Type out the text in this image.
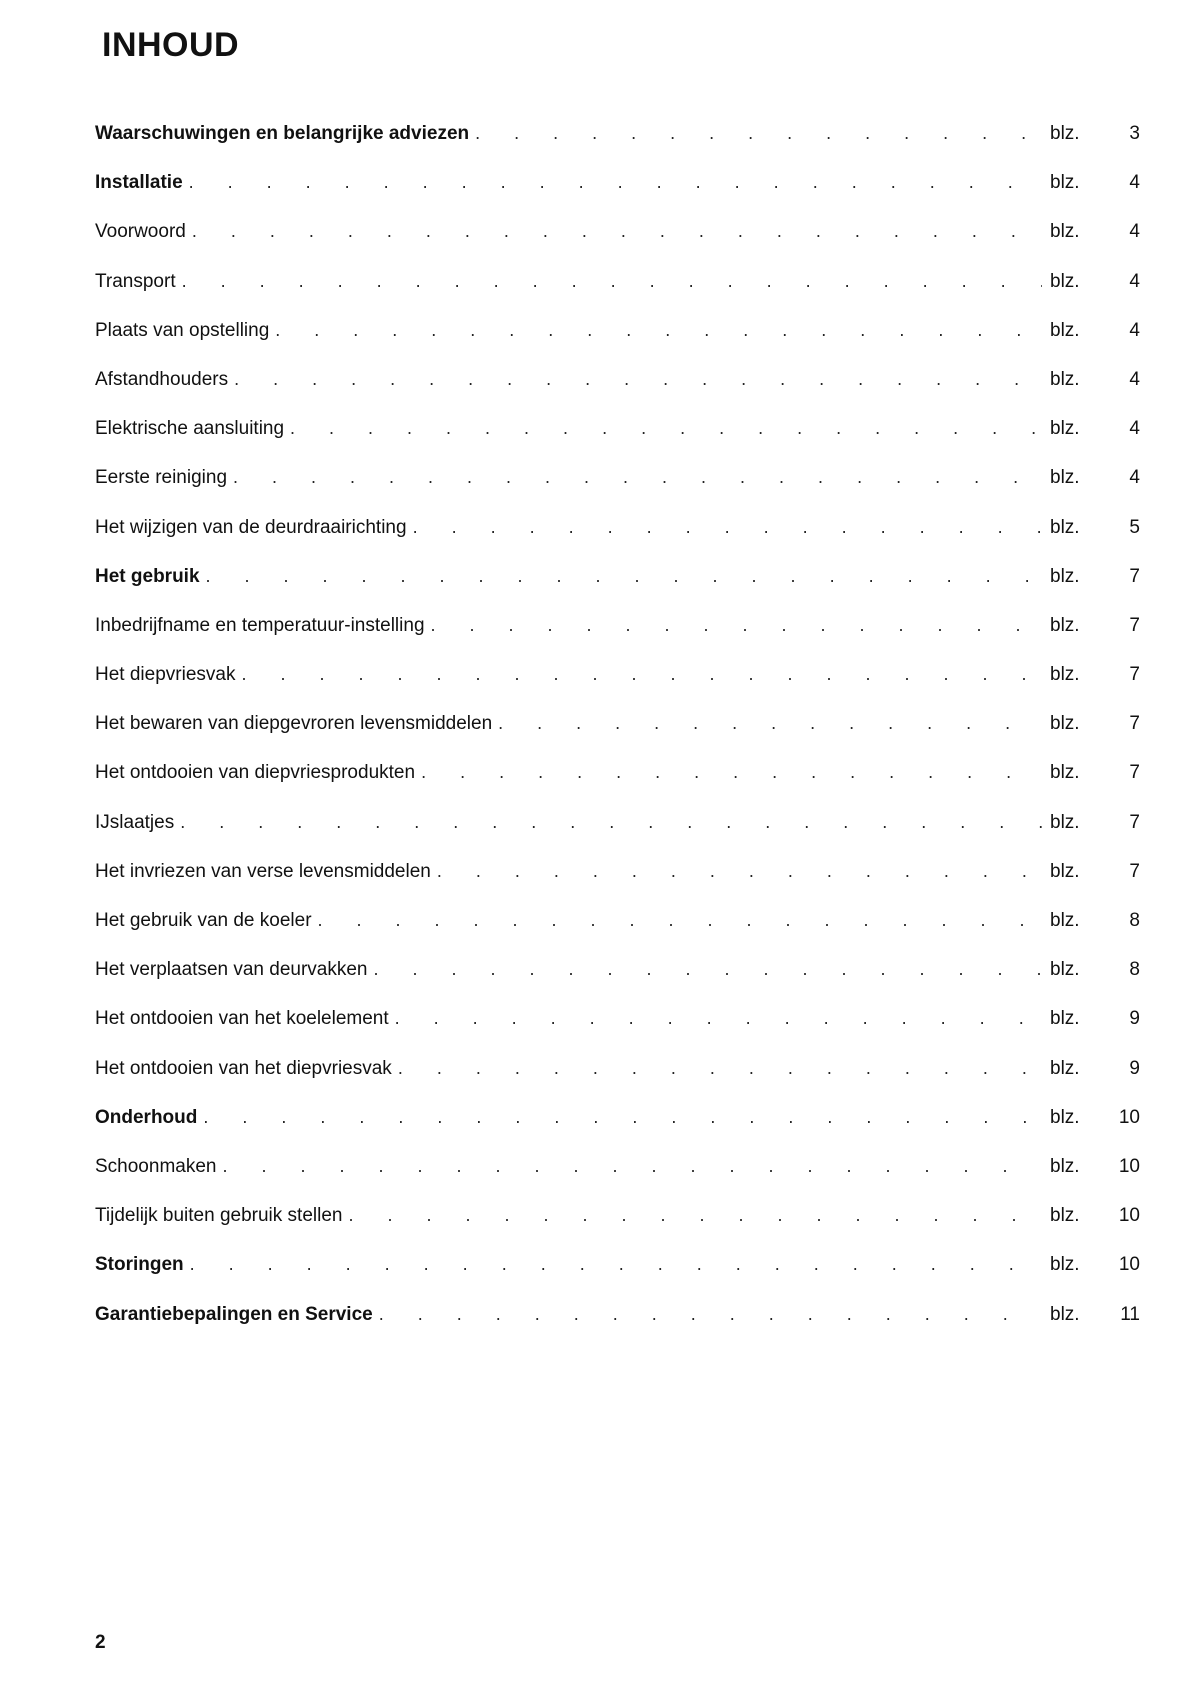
INHOUD
Waarschuwingen en belangrijke adviezen . . .	blz.	3
Installatie . . .	blz.	4
Voorwoord . . .	blz.	4
Transport . . .	blz.	4
Plaats van opstelling . . .	blz.	4
Afstandhouders . . .	blz.	4
Elektrische aansluiting . . .	blz.	4
Eerste reiniging . . .	blz.	4
Het wijzigen van de deurdraairichting . . .	blz.	5
Het gebruik . . .	blz.	7
Inbedrijfname en temperatuur-instelling . . .	blz.	7
Het diepvriesvak . . .	blz.	7
Het bewaren van diepgevroren levensmiddelen . . .	blz.	7
Het ontdooien van diepvriesprodukten . . .	blz.	7
IJslaatjes . . .	blz.	7
Het invriezen van verse levensmiddelen . . .	blz.	7
Het gebruik van de koeler . . .	blz.	8
Het verplaatsen van deurvakken . . .	blz.	8
Het ontdooien van het koelelement . . .	blz.	9
Het ontdooien van het diepvriesvak . . .	blz.	9
Onderhoud . . .	blz.	10
Schoonmaken . . .	blz.	10
Tijdelijk buiten gebruik stellen . . .	blz.	10
Storingen . . .	blz.	10
Garantiebepalingen en Service . . .	blz.	11
2
